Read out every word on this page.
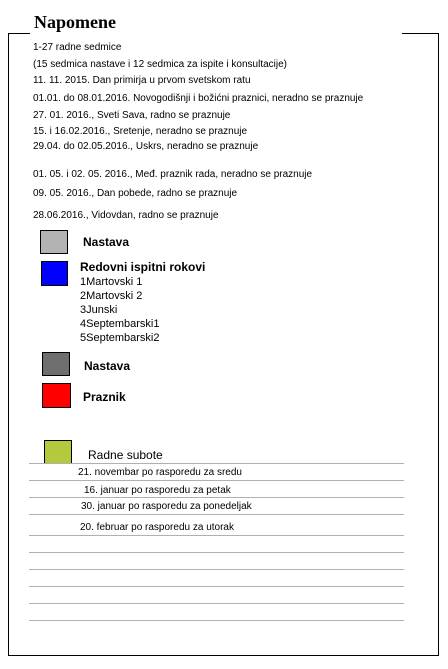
Napomene
1-27 radne sedmice
(15 sedmica nastave i 12 sedmica za ispite i konsultacije)
11. 11. 2015. Dan primirja u prvom svetskom ratu
01.01. do 08.01.2016. Novogodišnji i božićni praznici, neradno se praznuje
27. 01. 2016., Sveti Sava, radno se praznuje
15. i 16.02.2016., Sretenje, neradno se praznuje
29.04. do 02.05.2016., Uskrs, neradno se praznuje
01. 05. i 02. 05. 2016., Međ. praznik rada, neradno se praznuje
09. 05. 2016., Dan pobede, radno se praznuje
28.06.2016., Vidovdan, radno se praznuje
Nastava
Redovni ispitni rokovi
1Martovski 1
2Martovski 2
3Junski
4Septembarski1
5Septembarski2
Nastava
Praznik
Radne subote
21. novembar po rasporedu za sredu
16. januar po rasporedu za petak
30. januar po rasporedu za ponedeljak
20. februar po rasporedu za utorak
